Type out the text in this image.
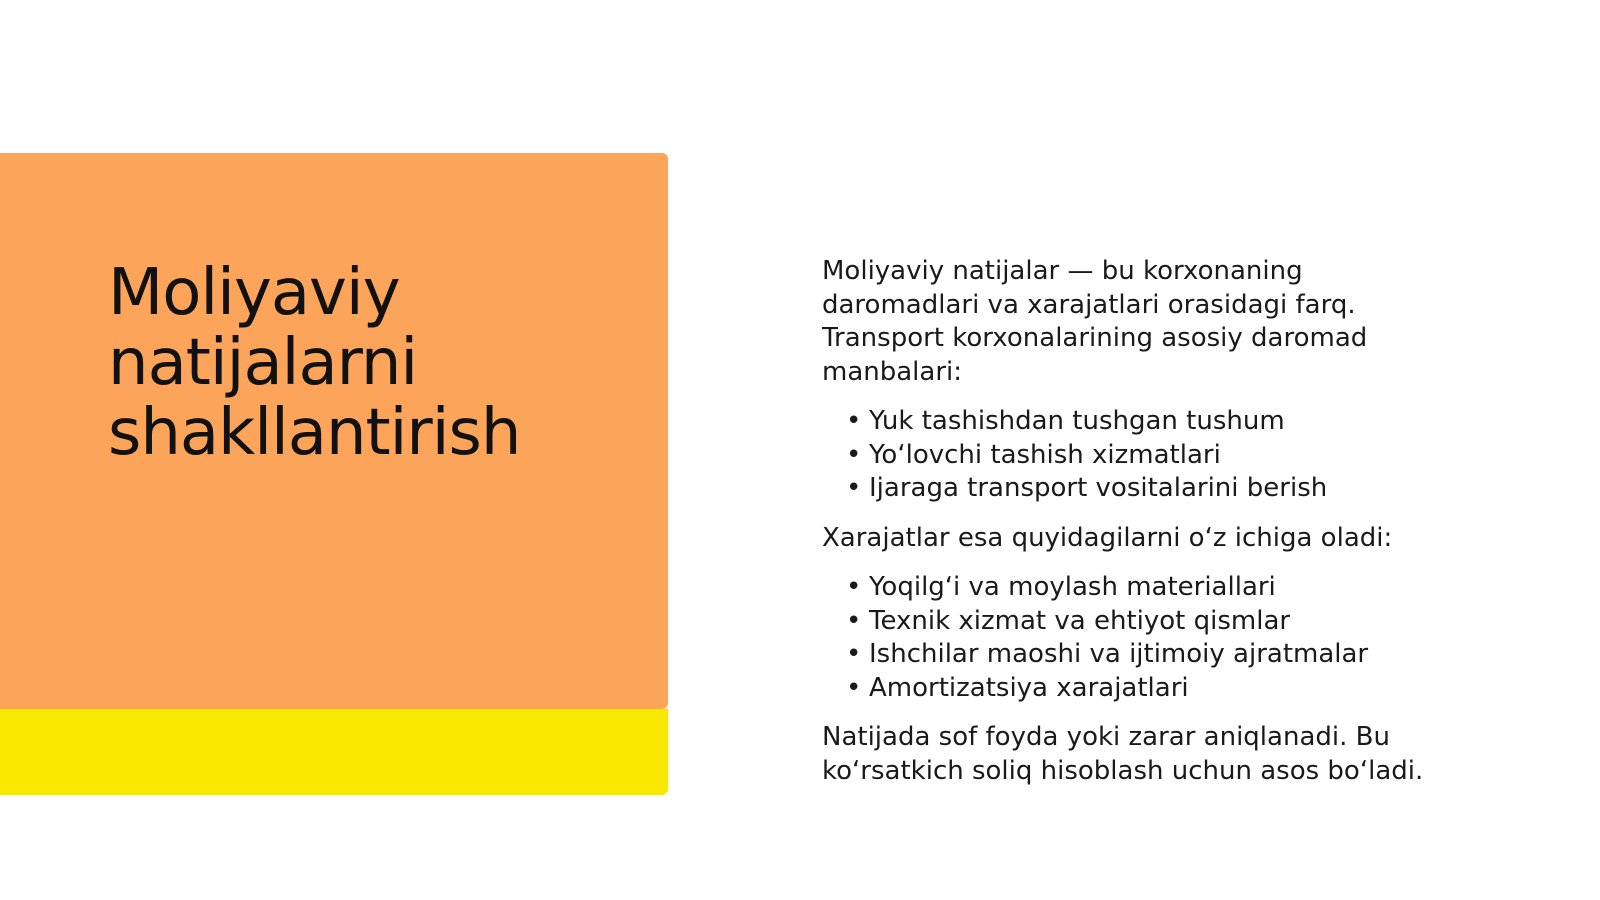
Moliyaviy natijalarni shakllantirish

Moliyaviy natijalar — bu korxonaning daromadlari va xarajatlari orasidagi farq. Transport korxonalarining asosiy daromad manbalari:

• Yuk tashishdan tushgan tushum
• Yo‘lovchi tashish xizmatlari
• Ijaraga transport vositalarini berish

Xarajatlar esa quyidagilarni o‘z ichiga oladi:

• Yoqilg‘i va moylash materiallari
• Texnik xizmat va ehtiyot qismlar
• Ishchilar maoshi va ijtimoiy ajratmalar
• Amortizatsiya xarajatlari

Natijada sof foyda yoki zarar aniqlanadi. Bu ko‘rsatkich soliq hisoblash uchun asos bo‘ladi.
